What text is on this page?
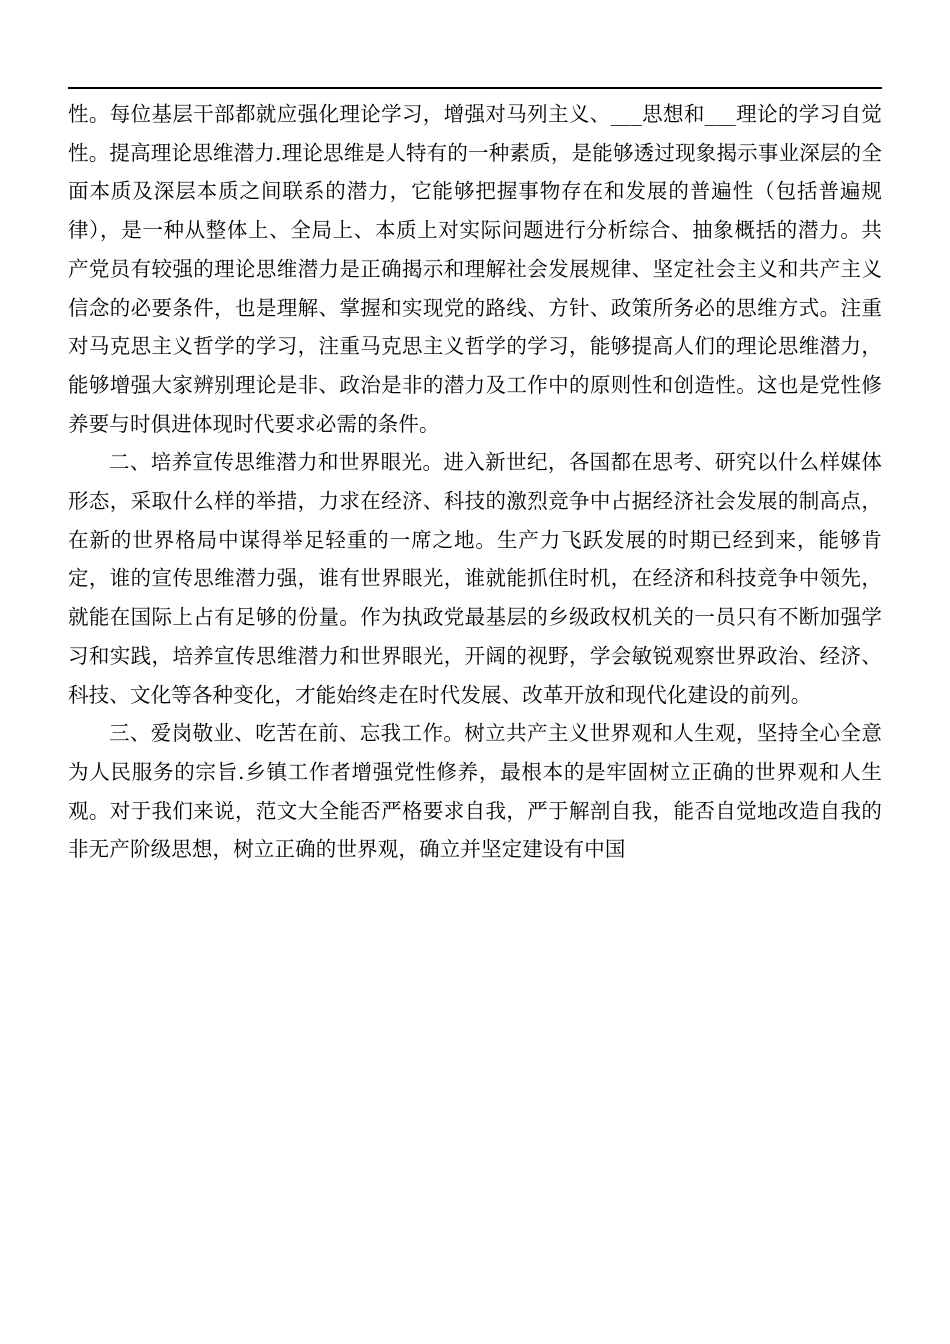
性。每位基层干部都就应强化理论学习，增强对马列主义、___思想和___理论的学习自觉性。提高理论思维潜力.理论思维是人特有的一种素质，是能够透过现象揭示事业深层的全面本质及深层本质之间联系的潜力，它能够把握事物存在和发展的普遍性（包括普遍规律），是一种从整体上、全局上、本质上对实际问题进行分析综合、抽象概括的潜力。共产党员有较强的理论思维潜力是正确揭示和理解社会发展规律、坚定社会主义和共产主义信念的必要条件，也是理解、掌握和实现党的路线、方针、政策所务必的思维方式。注重对马克思主义哲学的学习，注重马克思主义哲学的学习，能够提高人们的理论思维潜力，能够增强大家辨别理论是非、政治是非的潜力及工作中的原则性和创造性。这也是党性修养要与时俱进体现时代要求必需的条件。

二、培养宣传思维潜力和世界眼光。进入新世纪，各国都在思考、研究以什么样媒体形态，采取什么样的举措，力求在经济、科技的激烈竞争中占据经济社会发展的制高点，在新的世界格局中谋得举足轻重的一席之地。生产力飞跃发展的时期已经到来，能够肯定，谁的宣传思维潜力强，谁有世界眼光，谁就能抓住时机，在经济和科技竞争中领先，就能在国际上占有足够的份量。作为执政党最基层的乡级政权机关的一员只有不断加强学习和实践，培养宣传思维潜力和世界眼光，开阔的视野，学会敏锐观察世界政治、经济、科技、文化等各种变化，才能始终走在时代发展、改革开放和现代化建设的前列。

三、爱岗敬业、吃苦在前、忘我工作。树立共产主义世界观和人生观，坚持全心全意为人民服务的宗旨.乡镇工作者增强党性修养，最根本的是牢固树立正确的世界观和人生观。对于我们来说，范文大全能否严格要求自我，严于解剖自我，能否自觉地改造自我的非无产阶级思想，树立正确的世界观，确立并坚定建设有中国
